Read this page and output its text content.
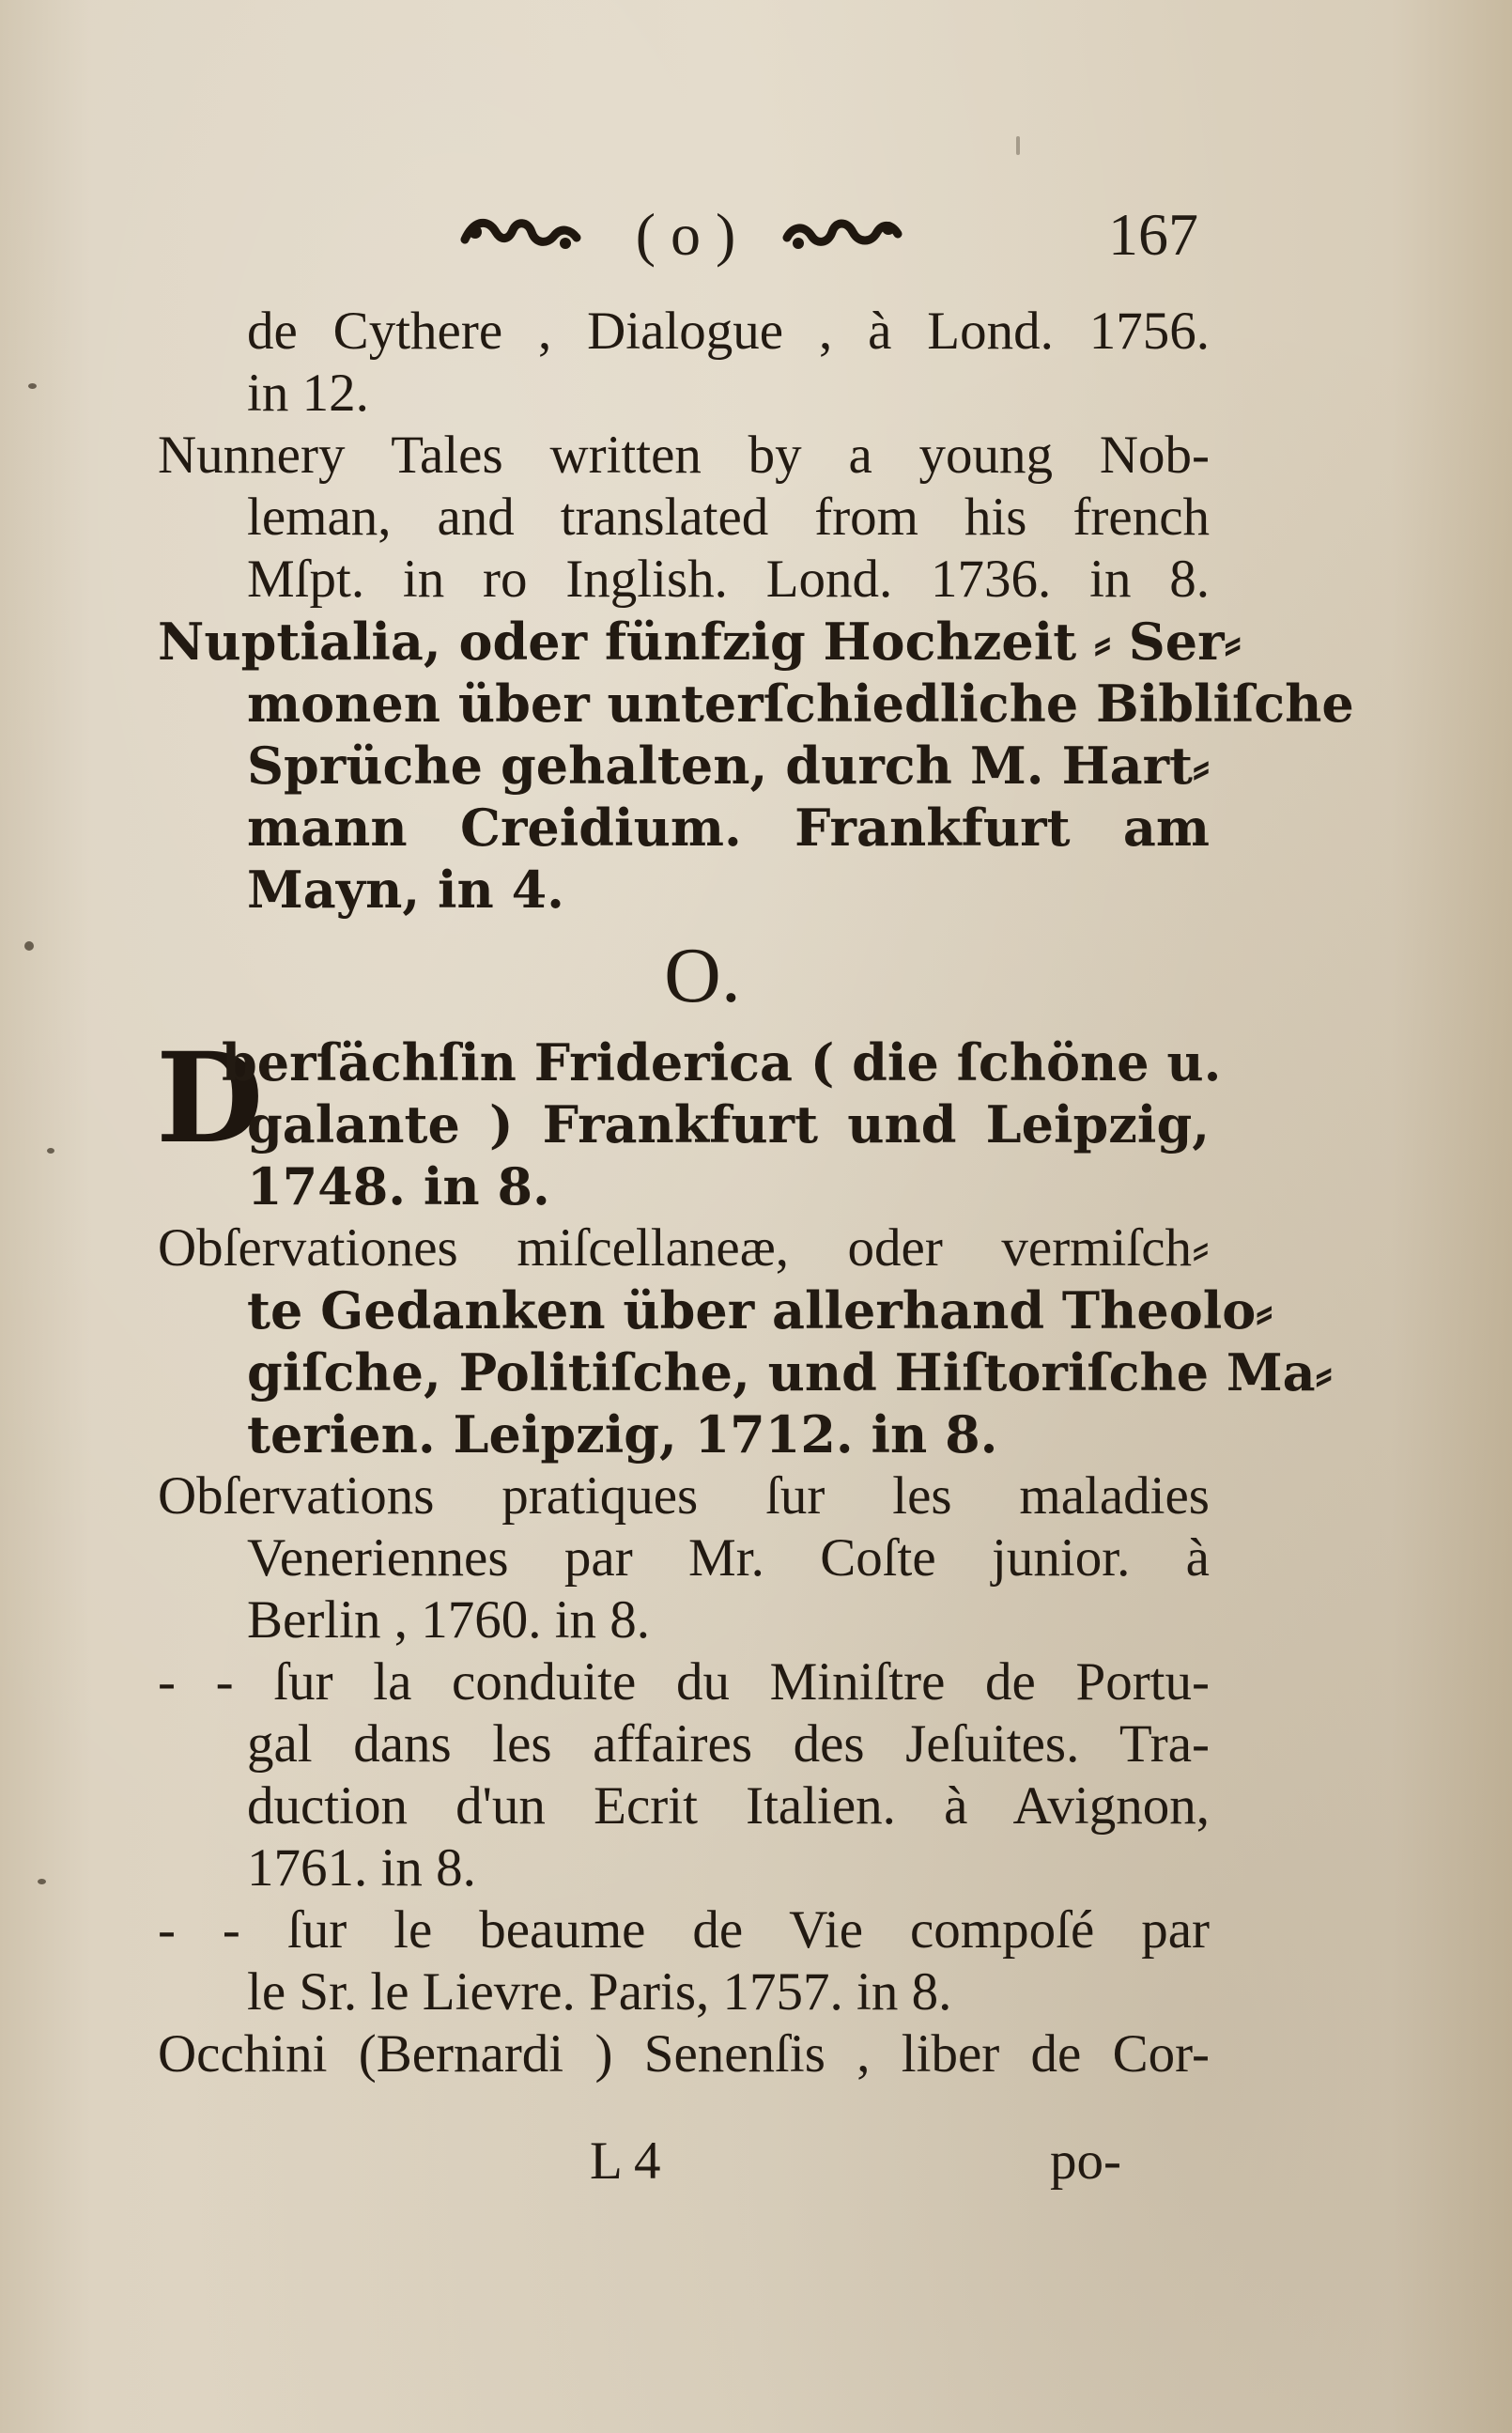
( o )	167
de Cythere , Dialogue , à Lond. 1756.
in 12.
Nunnery Tales written by a young Nob-
leman, and translated from his french
Mſpt. in ro Inglish. Lond. 1736. in 8.
Nuptialia, oder fünfzig Hochzeit ⸗ Ser⸗
monen über unterſchiedliche Bibliſche
Sprüche gehalten, durch M. Hart⸗
mann Creidium. Frankfurt am
Mayn, in 4.
O.
D
berſächſin Friderica ( die ſchöne u.
galante ) Frankfurt und Leipzig,
1748. in 8.
Obſervationes miſcellaneæ, oder vermiſch⸗
te Gedanken über allerhand Theolo⸗
giſche, Politiſche, und Hiſtoriſche Ma⸗
terien. Leipzig, 1712. in 8.
Obſervations pratiques ſur les maladies
Veneriennes par Mr. Coſte junior. à
Berlin , 1760. in 8.
- - ſur la conduite du Miniſtre de Portu-
gal dans les affaires des Jeſuites. Tra-
duction d'un Ecrit Italien. à Avignon,
1761. in 8.
- - ſur le beaume de Vie compoſé par
le Sr. le Lievre. Paris, 1757. in 8.
Occhini (Bernardi ) Senenſis , liber de Cor-
L 4	po-
